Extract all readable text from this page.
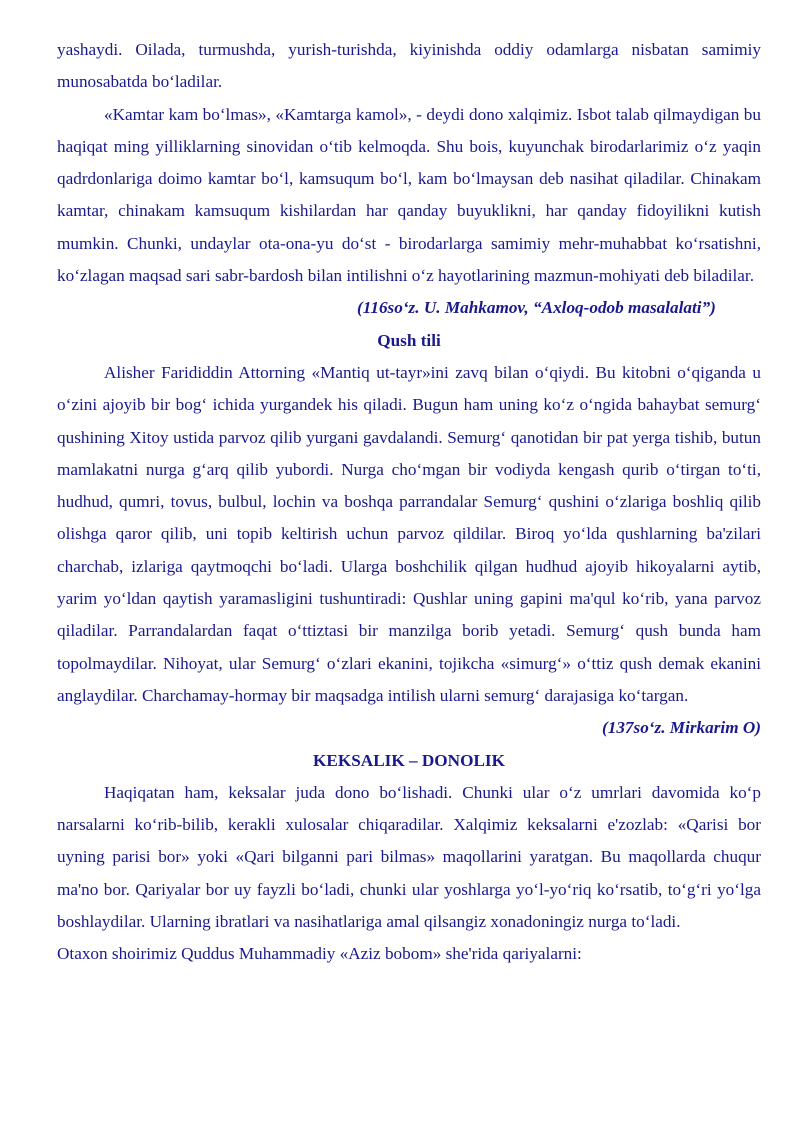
yashaydi. Oilada, turmushda, yurish-turishda, kiyinishda oddiy odamlarga nisbatan samimiy munosabatda bo‘ladilar.

«Kamtar kam bo‘lmas», «Kamtarga kamol», - deydi dono xalqimiz. Isbot talab qilmaydigan bu haqiqat ming yilliklarning sinovidan o‘tib kelmoqda. Shu bois, kuyunchak birodarlarimiz o‘z yaqin qadrdonlariga doimo kamtar bo‘l, kamsuqum bo‘l, kam bo‘lmaysan deb nasihat qiladilar. Chinakam kamtar, chinakam kamsuqum kishilardan har qanday buyuklikni, har qanday fidoyilikni kutish mumkin. Chunki, undaylar ota-ona-yu do‘st - birodarlarga samimiy mehr-muhabbat ko‘rsatishni, ko‘zlagan maqsad sari sabr-bardosh bilan intilishni o‘z hayotlarining mazmun-mohiyati deb biladilar.

(116so‘z. U. Mahkamov, “Axloq-odob masalalati”)

Qush tili

Alisher Farididdin Attorning «Mantiq ut-tayr»ini zavq bilan o‘qiydi. Bu kitobni o‘qiganda u o‘zini ajoyib bir bog‘ ichida yurgandek his qiladi. Bugun ham uning ko‘z o‘ngida bahaybat semurg‘ qushining Xitoy ustida parvoz qilib yurgani gavdalandi. Semurg‘ qanotidan bir pat yerga tishib, butun mamlakatni nurga g‘arq qilib yubordi. Nurga cho‘mgan bir vodiyda kengash qurib o‘tirgan to‘ti, hudhud, qumri, tovus, bulbul, lochin va boshqa parrandalar Semurg‘ qushini o‘zlariga boshliq qilib olishga qaror qilib, uni topib keltirish uchun parvoz qildilar. Biroq yo‘lda qushlarning ba'zilari charchab, izlariga qaytmoqchi bo‘ladi. Ularga boshchilik qilgan hudhud ajoyib hikoyalarni aytib, yarim yo‘ldan qaytish yaramasligini tushuntiradi: Qushlar uning gapini ma'qul ko‘rib, yana parvoz qiladilar. Parrandalardan faqat o‘ttiztasi bir manzilga borib yetadi. Semurg‘ qush bunda ham topolmaydilar. Nihoyat, ular Semurg‘ o‘zlari ekanini, tojikcha «simurg‘» o‘ttiz qush demak ekanini anglaydilar. Charchamay-hormay bir maqsadga intilish ularni semurg‘ darajasiga ko‘targan.

(137so‘z. Mirkarim O)

KEKSALIK – DONOLIK

Haqiqatan ham, keksalar juda dono bo‘lishadi. Chunki ular o‘z umrlari davomida ko‘p narsalarni ko‘rib-bilib, kerakli xulosalar chiqaradilar. Xalqimiz keksalarni e'zozlab: «Qarisi bor uyning parisi bor» yoki «Qari bilganni pari bilmas» maqollarini yaratgan. Bu maqollarda chuqur ma'no bor. Qariyalar bor uy fayzli bo‘ladi, chunki ular yoshlarga yo‘l-yo‘riq ko‘rsatib, to‘g‘ri yo‘lga boshlaydilar. Ularning ibratlari va nasihatlariga amal qilsangiz xonadoningiz nurga to‘ladi.

Otaxon shoirimiz Quddus Muhammadiy «Aziz bobom» she'rida qariyalarni:
